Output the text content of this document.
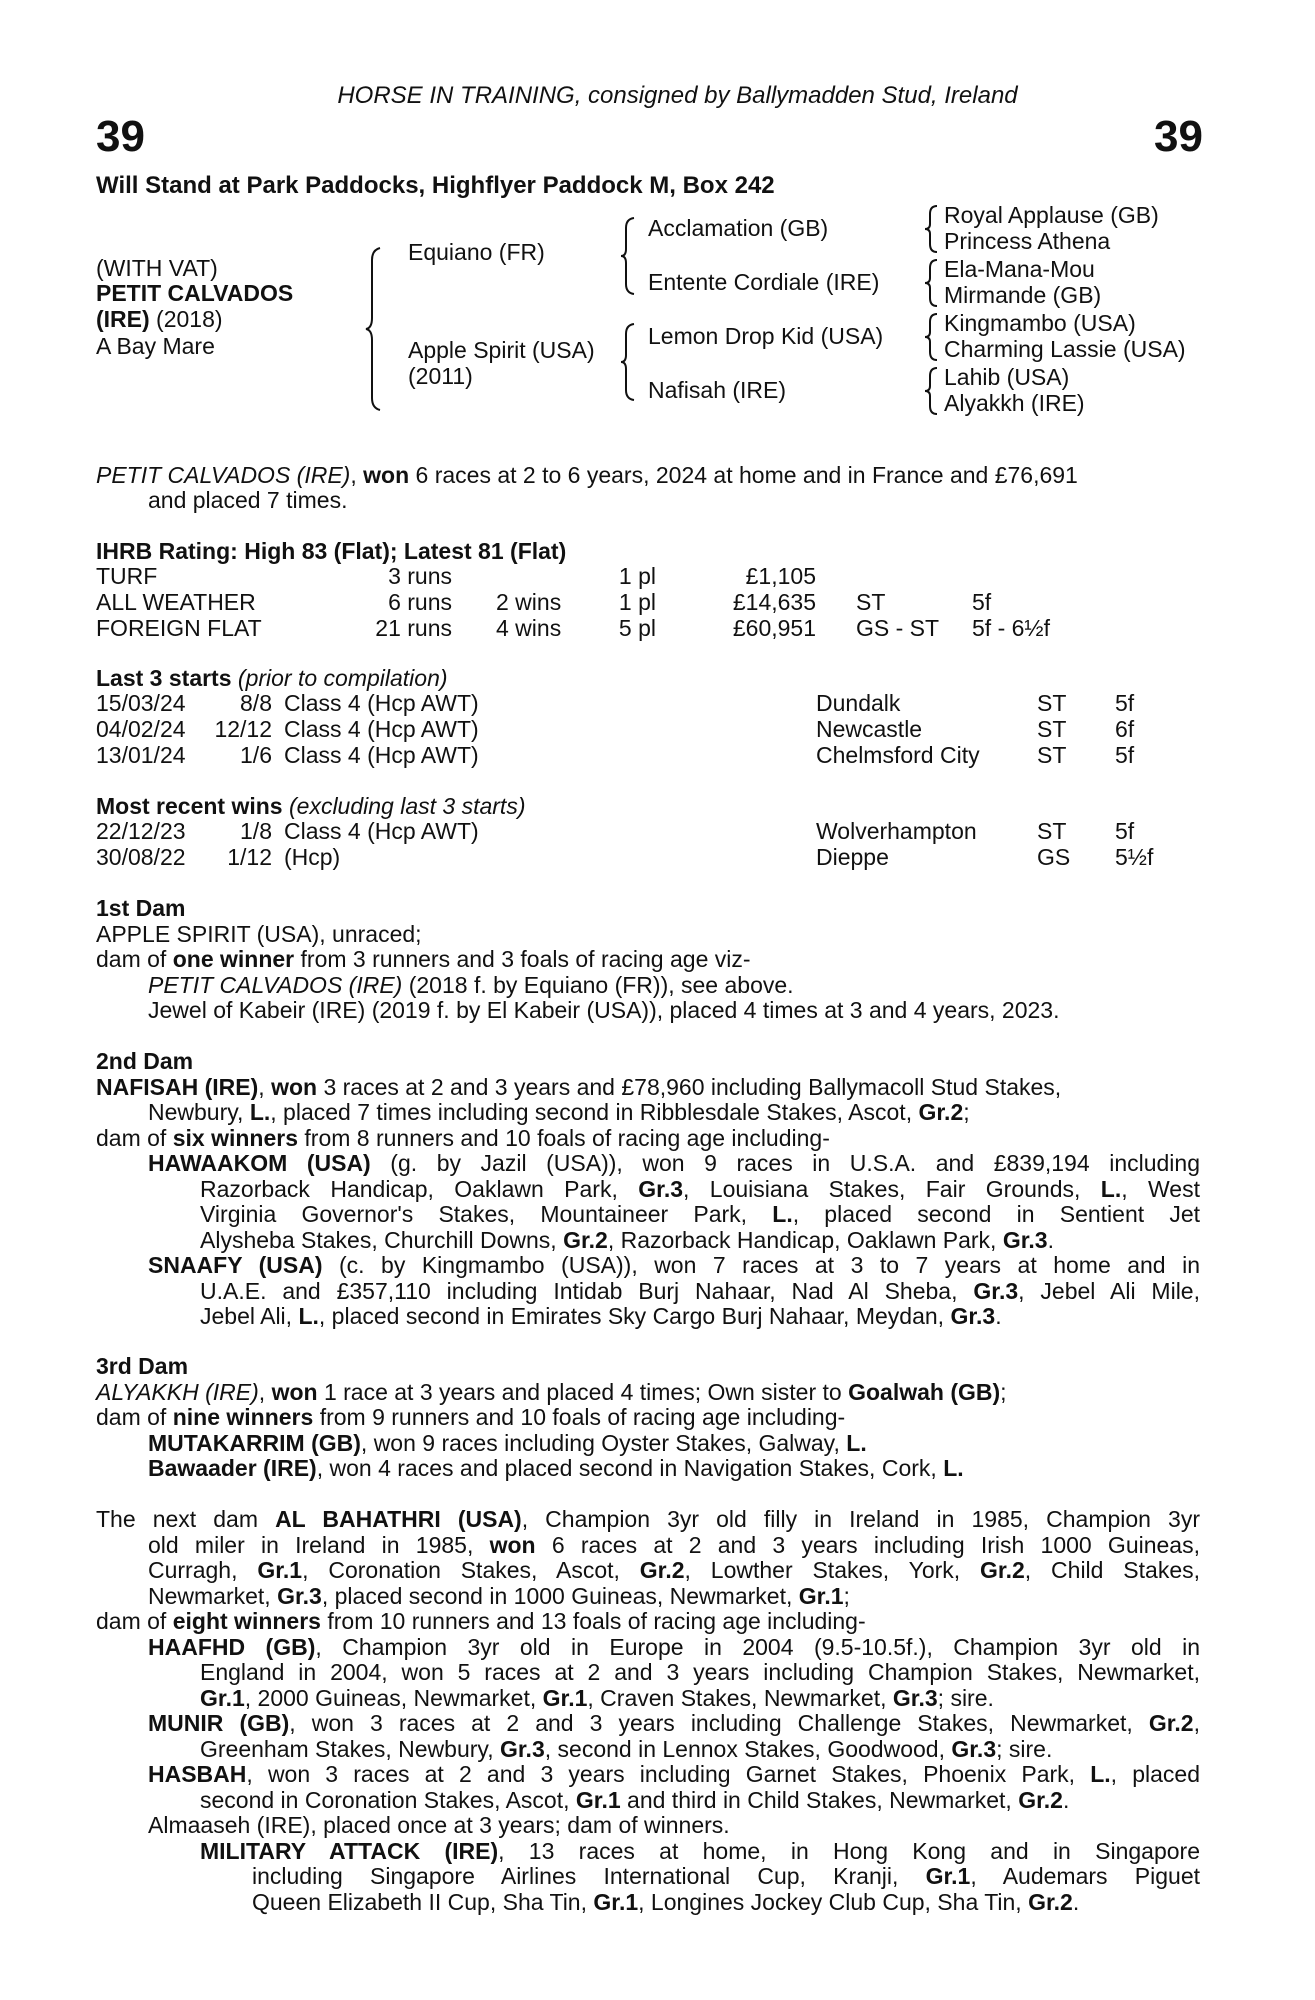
HORSE IN TRAINING, consigned by Ballymadden Stud, Ireland
39	39
Will Stand at Park Paddocks, Highflyer Paddock M, Box 242
(WITH VAT)
PETIT CALVADOS
(IRE) (2018)
A Bay Mare
Equiano (FR)
Apple Spirit (USA)
(2011)
Acclamation (GB)
Entente Cordiale (IRE)
Lemon Drop Kid (USA)
Nafisah (IRE)
Royal Applause (GB)
Princess Athena
Ela-Mana-Mou
Mirmande (GB)
Kingmambo (USA)
Charming Lassie (USA)
Lahib (USA)
Alyakkh (IRE)
PETIT CALVADOS (IRE), won 6 races at 2 to 6 years, 2024 at home and in France and £76,691
and placed 7 times.
IHRB Rating: High 83 (Flat); Latest 81 (Flat)
TURF	3 runs	1 pl	£1,105
ALL WEATHER	6 runs 2 wins	1 pl	£14,635 ST	5f
FOREIGN FLAT	21 runs 4 wins	5 pl	£60,951 GS - ST 5f - 6½f
Last 3 starts (prior to compilation)
15/03/24	8/8 Class 4 (Hcp AWT)	Dundalk	ST 5f
04/02/24	12/12 Class 4 (Hcp AWT)	Newcastle	ST 6f
13/01/24	1/6 Class 4 (Hcp AWT)	Chelmsford City ST 5f
Most recent wins (excluding last 3 starts)
22/12/23	1/8 Class 4 (Hcp AWT)	Wolverhampton	ST 5f
30/08/22	1/12 (Hcp)	Dieppe	GS 5½f

1st Dam

APPLE SPIRIT (USA), unraced;

dam of one winner from 3 runners and 3 foals of racing age viz-

PETIT CALVADOS (IRE) (2018 f. by Equiano (FR)), see above.

Jewel of Kabeir (IRE) (2019 f. by El Kabeir (USA)), placed 4 times at 3 and 4 years, 2023.

2nd Dam

NAFISAH (IRE), won 3 races at 2 and 3 years and £78,960 including Ballymacoll Stud Stakes,

Newbury, L., placed 7 times including second in Ribblesdale Stakes, Ascot, Gr.2;

dam of six winners from 8 runners and 10 foals of racing age including-

HAWAAKOM (USA) (g. by Jazil (USA)), won 9 races in U.S.A. and £839,194 including

Razorback Handicap, Oaklawn Park, Gr.3, Louisiana Stakes, Fair Grounds, L., West

Virginia Governor's Stakes, Mountaineer Park, L., placed second in Sentient Jet

Alysheba Stakes, Churchill Downs, Gr.2, Razorback Handicap, Oaklawn Park, Gr.3.

SNAAFY (USA) (c. by Kingmambo (USA)), won 7 races at 3 to 7 years at home and in

U.A.E. and £357,110 including Intidab Burj Nahaar, Nad Al Sheba, Gr.3, Jebel Ali Mile,

Jebel Ali, L., placed second in Emirates Sky Cargo Burj Nahaar, Meydan, Gr.3.

3rd Dam

ALYAKKH (IRE), won 1 race at 3 years and placed 4 times; Own sister to Goalwah (GB);

dam of nine winners from 9 runners and 10 foals of racing age including-

MUTAKARRIM (GB), won 9 races including Oyster Stakes, Galway, L.

Bawaader (IRE), won 4 races and placed second in Navigation Stakes, Cork, L.

The next dam AL BAHATHRI (USA), Champion 3yr old filly in Ireland in 1985, Champion 3yr

old miler in Ireland in 1985, won 6 races at 2 and 3 years including Irish 1000 Guineas,

Curragh, Gr.1, Coronation Stakes, Ascot, Gr.2, Lowther Stakes, York, Gr.2, Child Stakes,

Newmarket, Gr.3, placed second in 1000 Guineas, Newmarket, Gr.1;

dam of eight winners from 10 runners and 13 foals of racing age including-

HAAFHD (GB), Champion 3yr old in Europe in 2004 (9.5-10.5f.), Champion 3yr old in

England in 2004, won 5 races at 2 and 3 years including Champion Stakes, Newmarket,

Gr.1, 2000 Guineas, Newmarket, Gr.1, Craven Stakes, Newmarket, Gr.3; sire.

MUNIR (GB), won 3 races at 2 and 3 years including Challenge Stakes, Newmarket, Gr.2,

Greenham Stakes, Newbury, Gr.3, second in Lennox Stakes, Goodwood, Gr.3; sire.

HASBAH, won 3 races at 2 and 3 years including Garnet Stakes, Phoenix Park, L., placed

second in Coronation Stakes, Ascot, Gr.1 and third in Child Stakes, Newmarket, Gr.2.

Almaaseh (IRE), placed once at 3 years; dam of winners.

MILITARY ATTACK (IRE), 13 races at home, in Hong Kong and in Singapore

including Singapore Airlines International Cup, Kranji, Gr.1, Audemars Piguet

Queen Elizabeth II Cup, Sha Tin, Gr.1, Longines Jockey Club Cup, Sha Tin, Gr.2.
